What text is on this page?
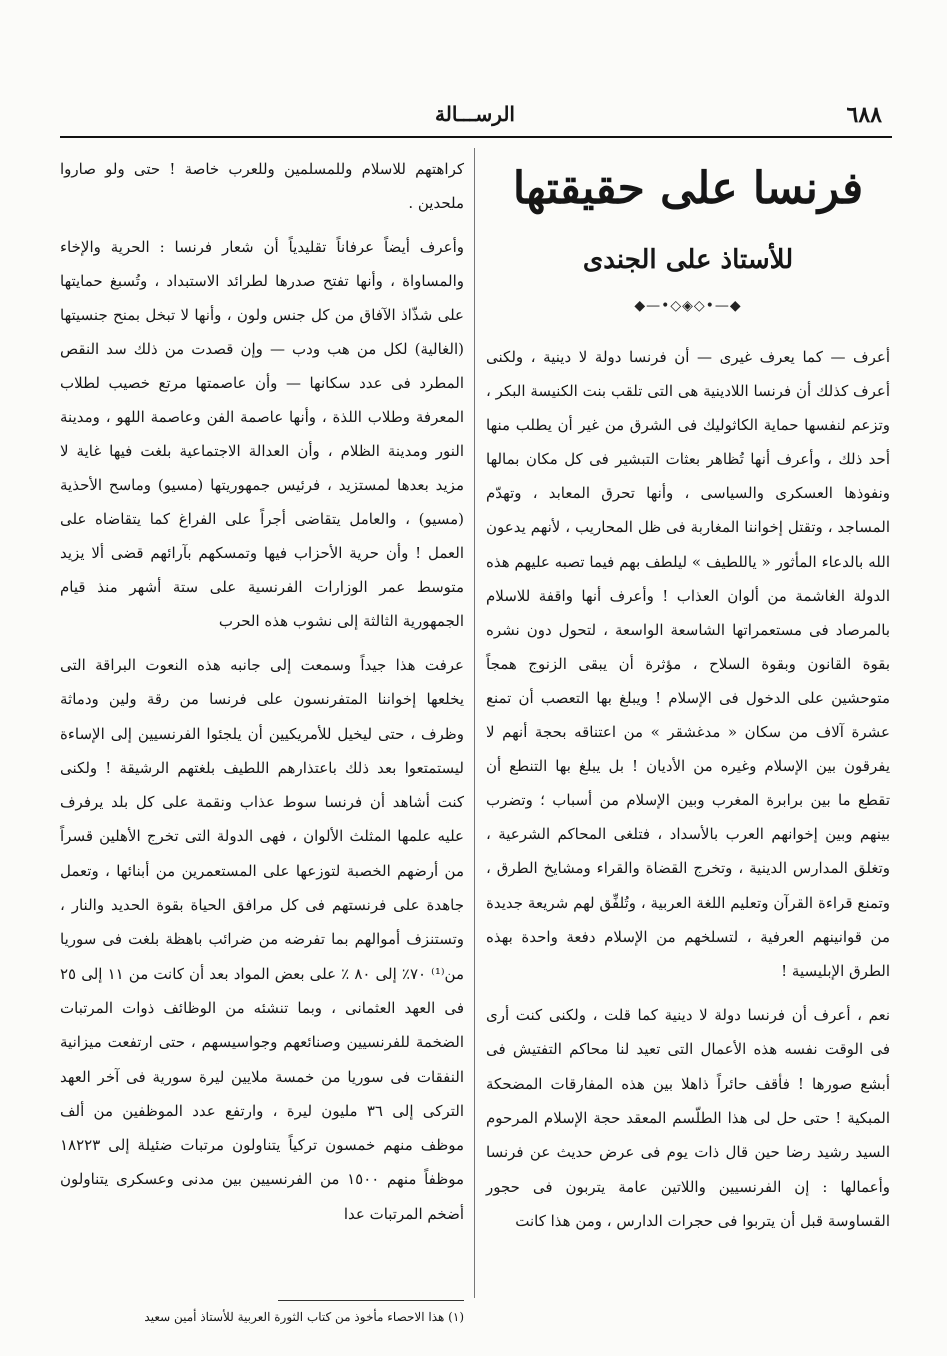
٦٨٨
الرســـالة
فرنسا على حقيقتها
للأستاذ على الجندى
◆—•◇◈◇•—◆

أعرف — كما يعرف غيرى — أن فرنسا دولة لا دينية ، ولكنى أعرف كذلك أن فرنسا اللادينية هى التى تلقب بنت الكنيسة البكر ، وتزعم لنفسها حماية الكاثوليك فى الشرق من غير أن يطلب منها أحد ذلك ، وأعرف أنها تُظاهر بعثات التبشير فى كل مكان بمالها ونفوذها العسكرى والسياسى ، وأنها تحرق المعابد ، وتهدّم المساجد ، وتقتل إخواننا المغاربة فى ظل المحاريب ، لأنهم يدعون الله بالدعاء المأثور « ياللطيف » ليلطف بهم فيما تصبه عليهم هذه الدولة الغاشمة من ألوان العذاب ! وأعرف أنها واقفة للاسلام بالمرصاد فى مستعمراتها الشاسعة الواسعة ، لتحول دون نشره بقوة القانون وبقوة السلاح ، مؤثرة أن يبقى الزنوج همجاً متوحشين على الدخول فى الإسلام ! ويبلغ بها التعصب أن تمنع عشرة آلاف من سكان « مدغشقر » من اعتناقه بحجة أنهم لا يفرقون بين الإسلام وغيره من الأديان ! بل يبلغ بها التنطع أن تقطع ما بين برابرة المغرب وبين الإسلام من أسباب ؛ وتضرب بينهم وبين إخوانهم العرب بالأسداد ، فتلغى المحاكم الشرعية ، وتغلق المدارس الدينية ، وتخرج القضاة والقراء ومشايخ الطرق ، وتمنع قراءة القرآن وتعليم اللغة العربية ، وتُلفِّق لهم شريعة جديدة من قوانينهم العرفية ، لتسلخهم من الإسلام دفعة واحدة بهذه الطرق الإبليسية !

نعم ، أعرف أن فرنسا دولة لا دينية كما قلت ، ولكنى كنت أرى فى الوقت نفسه هذه الأعمال التى تعيد لنا محاكم التفتيش فى أبشع صورها ! فأقف حائراً ذاهلا بين هذه المفارقات المضحكة المبكية ! حتى حل لى هذا الطلّسم المعقد حجة الإسلام المرحوم السيد رشيد رضا حين قال ذات يوم فى عرض حديث عن فرنسا وأعمالها : إن الفرنسيين واللاتين عامة يتربون فى حجور القساوسة قبل أن يتربوا فى حجرات الدارس ، ومن هذا كانت

كراهتهم للاسلام وللمسلمين وللعرب خاصة ! حتى ولو صاروا ملحدين .

وأعرف أيضاً عرفاناً تقليدياً أن شعار فرنسا : الحرية والإخاء والمساواة ، وأنها تفتح صدرها لطرائد الاستبداد ، وتُسبغ حمايتها على شذّاذ الآفاق من كل جنس ولون ، وأنها لا تبخل بمنح جنسيتها (الغالية) لكل من هب ودب — وإن قصدت من ذلك سد النقص المطرد فى عدد سكانها — وأن عاصمتها مرتع خصيب لطلاب المعرفة وطلاب اللذة ، وأنها عاصمة الفن وعاصمة اللهو ، ومدينة النور ومدينة الظلام ، وأن العدالة الاجتماعية بلغت فيها غاية لا مزيد بعدها لمستزيد ، فرئيس جمهوريتها (مسيو) وماسح الأحذية (مسيو) ، والعامل يتقاضى أجراً على الفراغ كما يتقاضاه على العمل ! وأن حرية الأحزاب فيها وتمسكهم بآرائهم قضى ألا يزيد متوسط عمر الوزارات الفرنسية على ستة أشهر منذ قيام الجمهورية الثالثة إلى نشوب هذه الحرب

عرفت هذا جيداً وسمعت إلى جانبه هذه النعوت البراقة التى يخلعها إخواننا المتفرنسون على فرنسا من رقة ولين ودماثة وظرف ، حتى ليخيل للأمريكيين أن يلجئوا الفرنسيين إلى الإساءة ليستمتعوا بعد ذلك باعتذارهم اللطيف بلغتهم الرشيقة ! ولكنى كنت أشاهد أن فرنسا سوط عذاب ونقمة على كل بلد يرفرف عليه علمها المثلث الألوان ، فهى الدولة التى تخرج الأهلين قسراً من أرضهم الخصبة لتوزعها على المستعمرين من أبنائها ، وتعمل جاهدة على فرنستهم فى كل مرافق الحياة بقوة الحديد والنار ، وتستنزف أموالهم بما تفرضه من ضرائب باهظة بلغت فى سوريا من⁽¹⁾ ٧٠٪ إلى ٨٠ ٪ على بعض المواد بعد أن كانت من ١١ إلى ٢٥ فى العهد العثمانى ، وبما تنشئه من الوظائف ذوات المرتبات الضخمة للفرنسيين وصنائعهم وجواسيسهم ، حتى ارتفعت ميزانية النفقات فى سوريا من خمسة ملايين ليرة سورية فى آخر العهد التركى إلى ٣٦ مليون ليرة ، وارتفع عدد الموظفين من ألف موظف منهم خمسون تركياً يتناولون مرتبات ضئيلة إلى ١٨٢٢٣ موظفاً منهم ١٥٠٠ من الفرنسيين بين مدنى وعسكرى يتناولون أضخم المرتبات عدا

(١) هذا الاحصاء مأخوذ من كتاب الثورة العربية للأستاذ أمين سعيد
